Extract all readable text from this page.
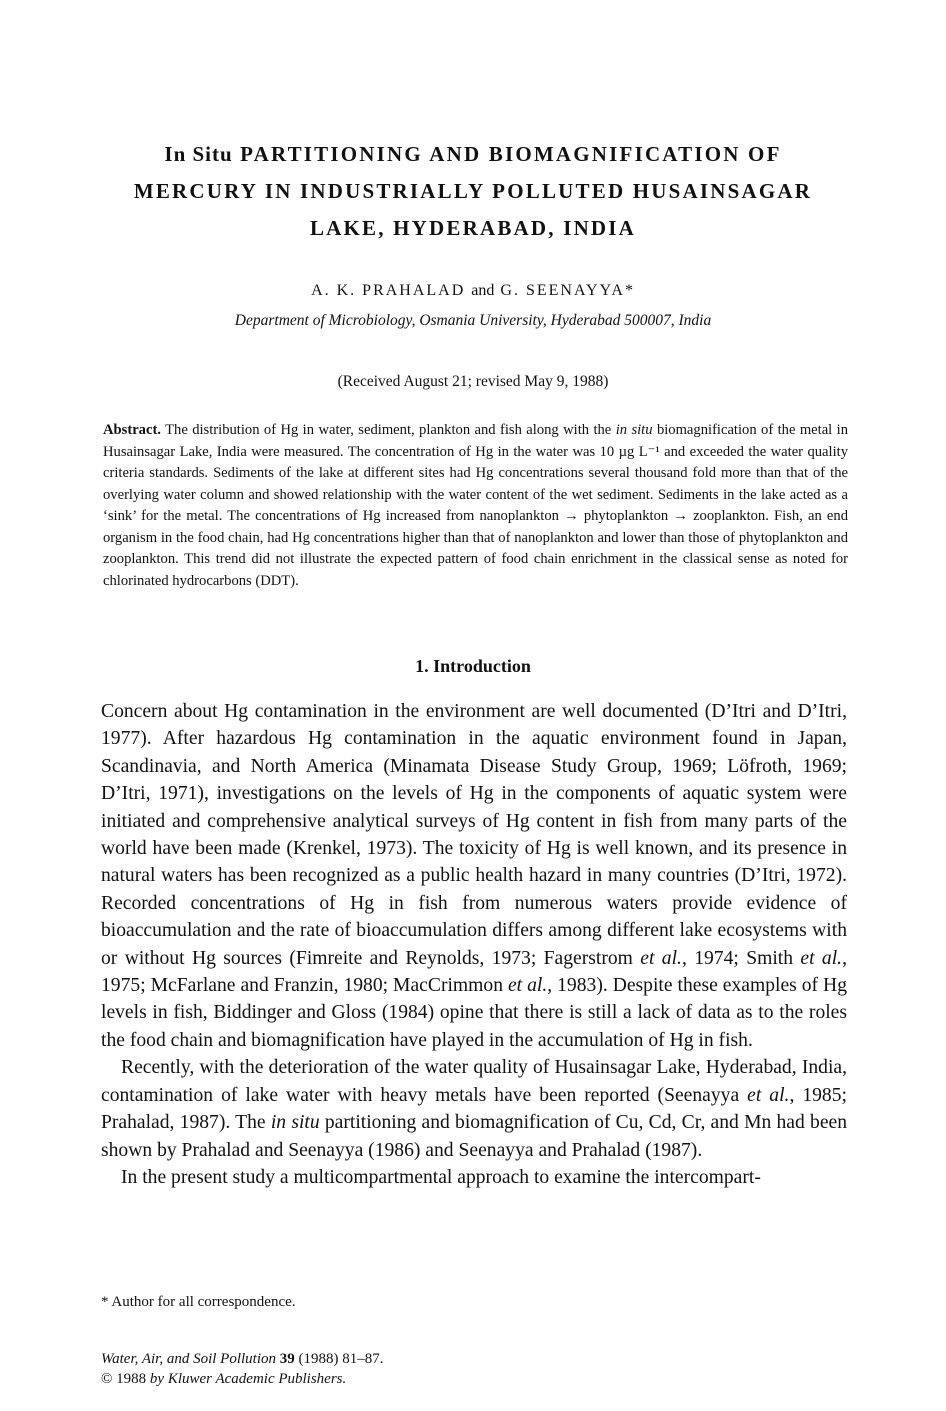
In Situ PARTITIONING AND BIOMAGNIFICATION OF
MERCURY IN INDUSTRIALLY POLLUTED HUSAINSAGAR
LAKE, HYDERABAD, INDIA
A. K. PRAHALAD and G. SEENAYYA*
Department of Microbiology, Osmania University, Hyderabad 500007, India
(Received August 21; revised May 9, 1988)

Abstract. The distribution of Hg in water, sediment, plankton and fish along with the in situ biomagnification of the metal in Husainsagar Lake, India were measured. The concentration of Hg in the water was 10 µg L⁻¹ and exceeded the water quality criteria standards. Sediments of the lake at different sites had Hg concentrations several thousand fold more than that of the overlying water column and showed relationship with the water content of the wet sediment. Sediments in the lake acted as a ‘sink’ for the metal. The concentrations of Hg increased from nanoplankton → phytoplankton → zooplankton. Fish, an end organism in the food chain, had Hg concentrations higher than that of nanoplankton and lower than those of phytoplankton and zooplankton. This trend did not illustrate the expected pattern of food chain enrichment in the classical sense as noted for chlorinated hydrocarbons (DDT).

1. Introduction

Concern about Hg contamination in the environment are well documented (D’Itri and D’Itri, 1977). After hazardous Hg contamination in the aquatic environment found in Japan, Scandinavia, and North America (Minamata Disease Study Group, 1969; Löfroth, 1969; D’Itri, 1971), investigations on the levels of Hg in the components of aquatic system were initiated and comprehensive analytical surveys of Hg content in fish from many parts of the world have been made (Krenkel, 1973). The toxicity of Hg is well known, and its presence in natural waters has been recognized as a public health hazard in many countries (D’Itri, 1972). Recorded concentrations of Hg in fish from numerous waters provide evidence of bioaccumulation and the rate of bioaccumulation differs among different lake ecosystems with or without Hg sources (Fimreite and Reynolds, 1973; Fagerstrom et al., 1974; Smith et al., 1975; McFarlane and Franzin, 1980; MacCrimmon et al., 1983). Despite these examples of Hg levels in fish, Biddinger and Gloss (1984) opine that there is still a lack of data as to the roles the food chain and biomagnification have played in the accumulation of Hg in fish.

Recently, with the deterioration of the water quality of Husainsagar Lake, Hyderabad, India, contamination of lake water with heavy metals have been reported (Seenayya et al., 1985; Prahalad, 1987). The in situ partitioning and biomagnification of Cu, Cd, Cr, and Mn had been shown by Prahalad and Seenayya (1986) and Seenayya and Prahalad (1987).

In the present study a multicompartmental approach to examine the intercompart-

* Author for all correspondence.
Water, Air, and Soil Pollution 39 (1988) 81–87.
© 1988 by Kluwer Academic Publishers.
